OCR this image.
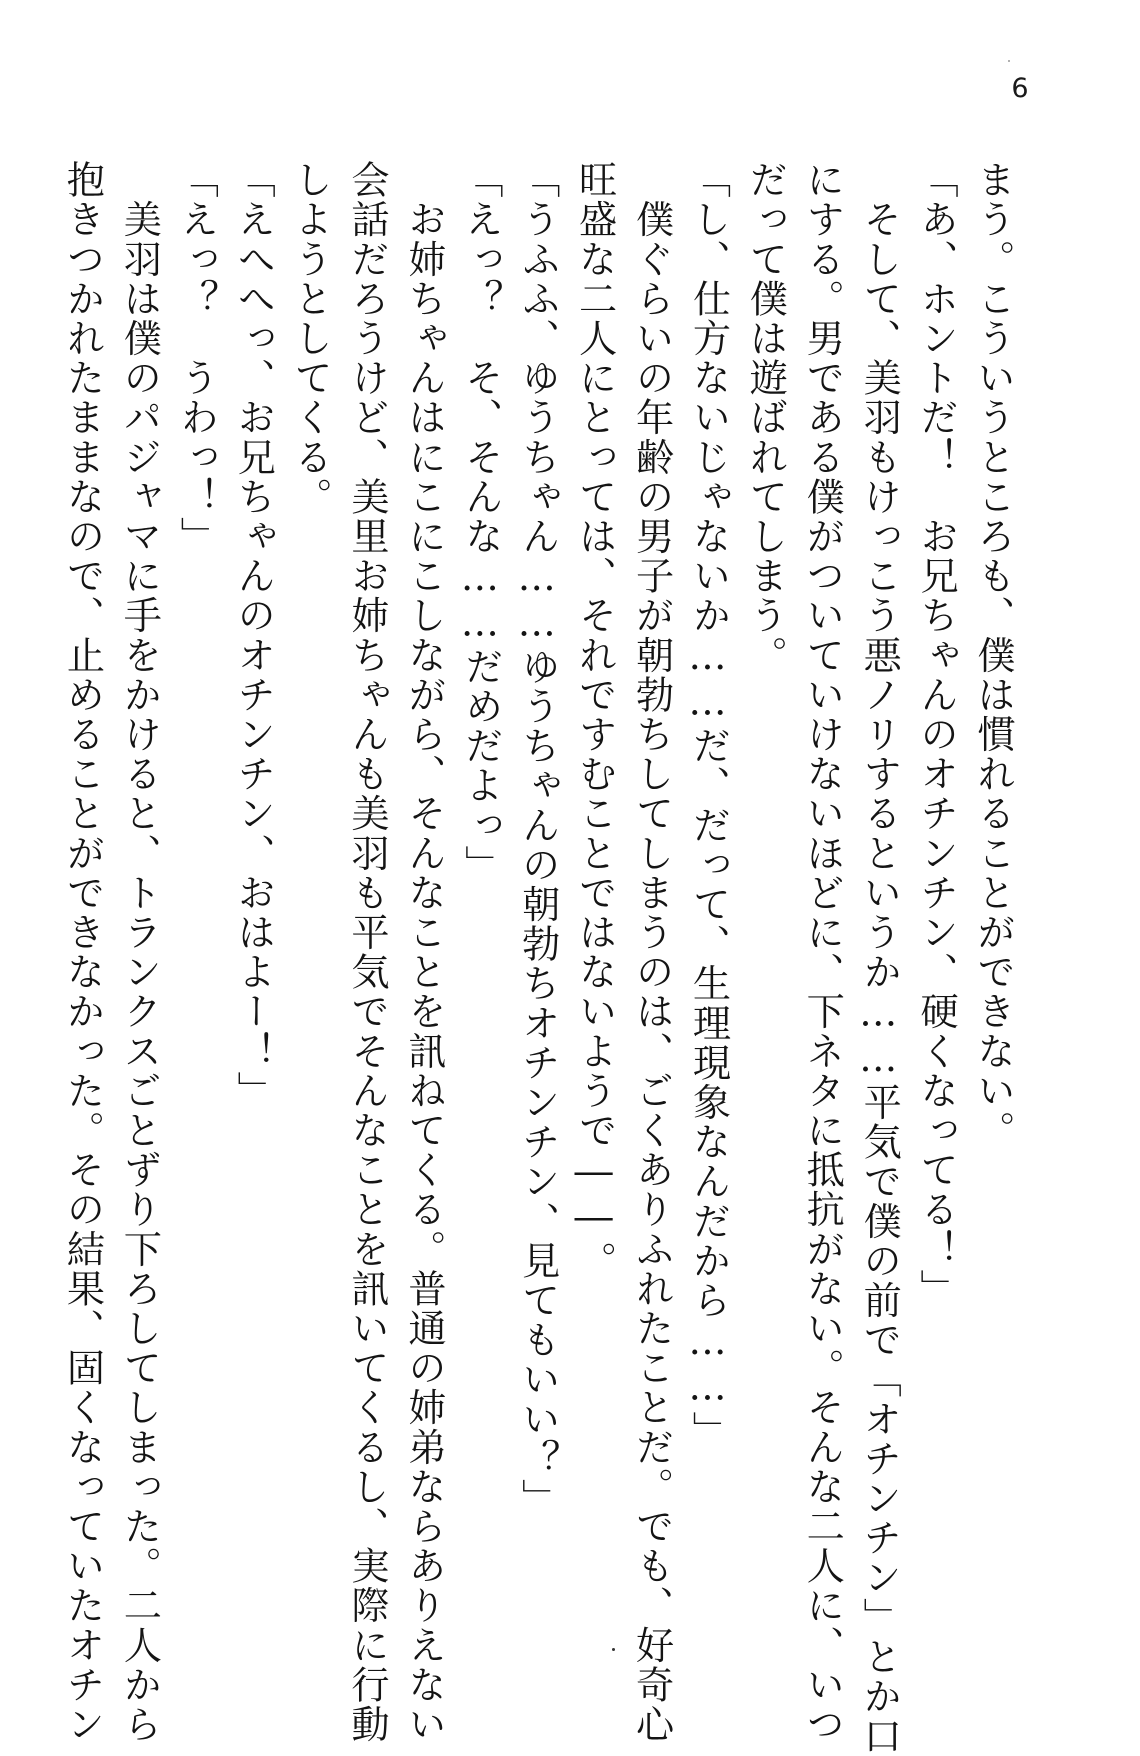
6
まう。こういうところも、僕は慣れることができない。
「あ、ホントだ！　お兄ちゃんのオチンチン、硬くなってる！」
　そして、美羽もけっこう悪ノリするというか……平気で僕の前で「オチンチン」とか口
にする。男である僕がついていけないほどに、下ネタに抵抗がない。そんな二人に、いつ
だって僕は遊ばれてしまう。
「し、仕方ないじゃないか……だ、だって、生理現象なんだから……」
　僕ぐらいの年齢の男子が朝勃ちしてしまうのは、ごくありふれたことだ。でも、好奇心
旺盛な二人にとっては、それですむことではないようで――。
「うふふ、ゆうちゃん……ゆうちゃんの朝勃ちオチンチン、見てもいい？」
「えっ？　そ、そんな……だめだよっ」
　お姉ちゃんはにこにこしながら、そんなことを訊ねてくる。普通の姉弟ならありえない
会話だろうけど、美里お姉ちゃんも美羽も平気でそんなことを訊いてくるし、実際に行動
しようとしてくる。
「えへへっ、お兄ちゃんのオチンチン、おはよー！」
「えっ？　うわっ！」
　美羽は僕のパジャマに手をかけると、トランクスごとずり下ろしてしまった。二人から
抱きつかれたままなので、止めることができなかった。その結果、固くなっていたオチン
